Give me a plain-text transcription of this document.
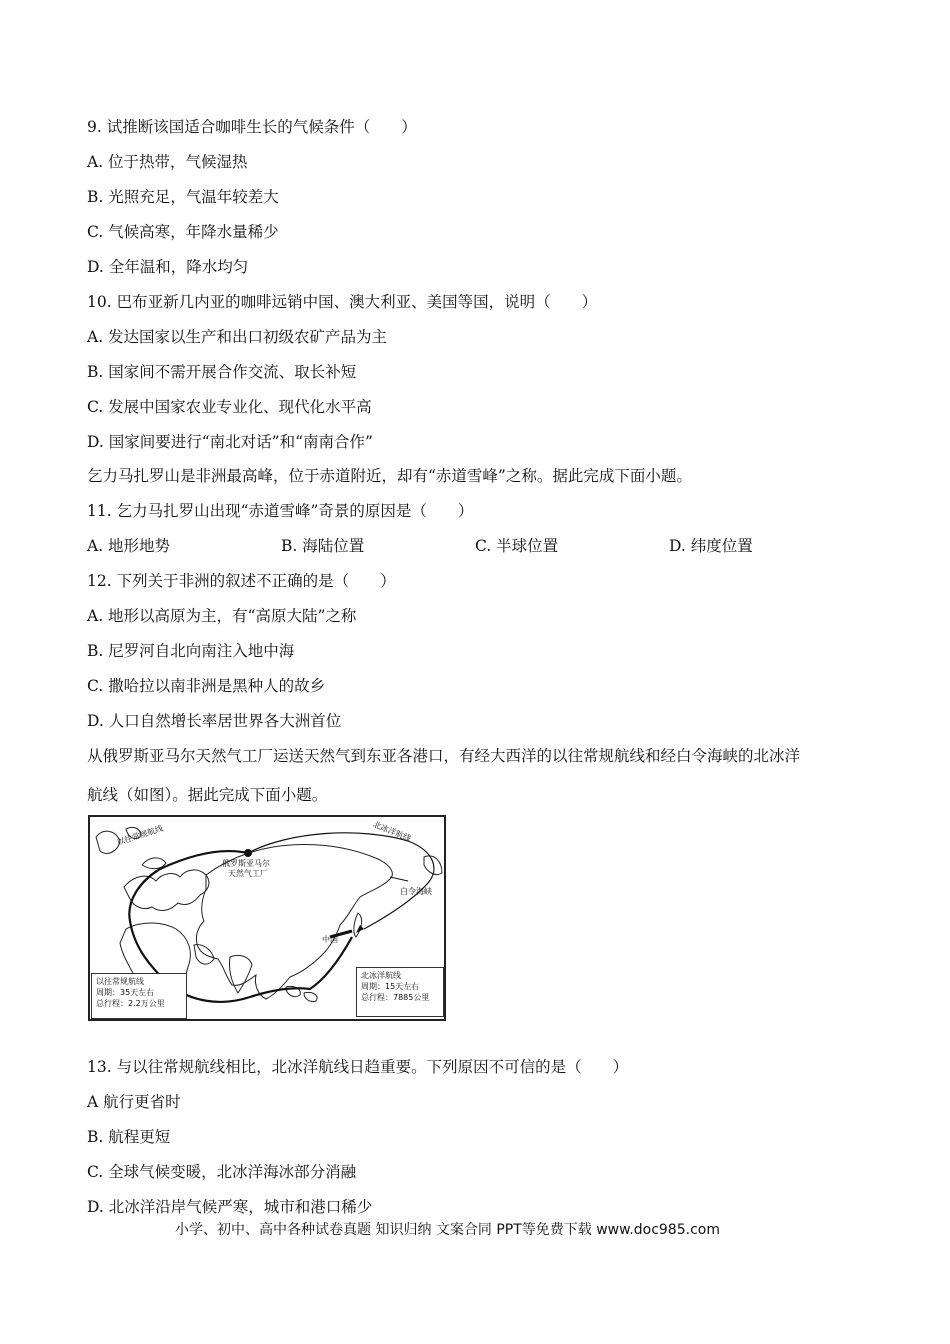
9. 试推断该国适合咖啡生长的气候条件（　　）
A. 位于热带，气候湿热
B. 光照充足，气温年较差大
C. 气候高寒，年降水量稀少
D. 全年温和，降水均匀
10. 巴布亚新几内亚的咖啡远销中国、澳大利亚、美国等国，说明（　　）
A. 发达国家以生产和出口初级农矿产品为主
B. 国家间不需开展合作交流、取长补短
C. 发展中国家农业专业化、现代化水平高
D. 国家间要进行“南北对话”和“南南合作”
乞力马扎罗山是非洲最高峰，位于赤道附近，却有“赤道雪峰”之称。据此完成下面小题。
11. 乞力马扎罗山出现“赤道雪峰”奇景的原因是（　　）
A. 地形地势	B. 海陆位置	C. 半球位置	D. 纬度位置
12. 下列关于非洲的叙述不正确的是（　　）
A. 地形以高原为主，有“高原大陆”之称
B. 尼罗河自北向南注入地中海
C. 撒哈拉以南非洲是黑种人的故乡
D. 人口自然增长率居世界各大洲首位
从俄罗斯亚马尔天然气工厂运送天然气到东亚各港口，有经大西洋的以往常规航线和经白令海峡的北冰洋
航线（如图）。据此完成下面小题。
以往常规航线	北冰洋航线
俄罗斯亚马尔
天然气工厂
白令海峡
中国
以往常规航线
周期：35天左右
总行程：2.2万公里
北冰洋航线
周期：15天左右
总行程：7885公里
13. 与以往常规航线相比，北冰洋航线日趋重要。下列原因不可信的是（　　）
A 航行更省时
B. 航程更短
C. 全球气候变暖，北冰洋海冰部分消融
D. 北冰洋沿岸气候严寒，城市和港口稀少
小学、初中、高中各种试卷真题 知识归纳 文案合同 PPT等免费下载 www.doc985.com
